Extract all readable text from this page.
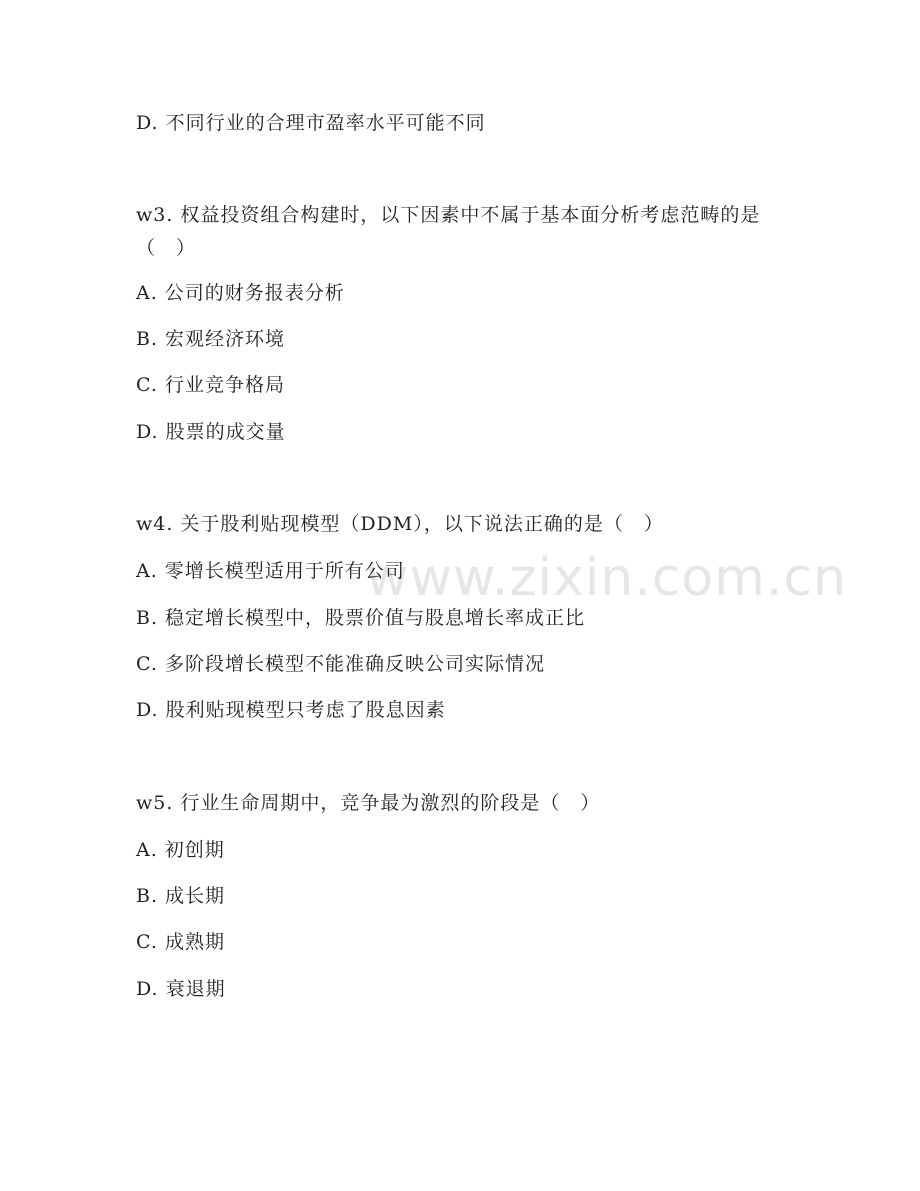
www.zixin.com.cn
D. 不同行业的合理市盈率水平可能不同
w3. 权益投资组合构建时，以下因素中不属于基本面分析考虑范畴的是（　）
A. 公司的财务报表分析
B. 宏观经济环境
C. 行业竞争格局
D. 股票的成交量
w4. 关于股利贴现模型（DDM），以下说法正确的是（　）
A. 零增长模型适用于所有公司
B. 稳定增长模型中，股票价值与股息增长率成正比
C. 多阶段增长模型不能准确反映公司实际情况
D. 股利贴现模型只考虑了股息因素
w5. 行业生命周期中，竞争最为激烈的阶段是（　）
A. 初创期
B. 成长期
C. 成熟期
D. 衰退期
